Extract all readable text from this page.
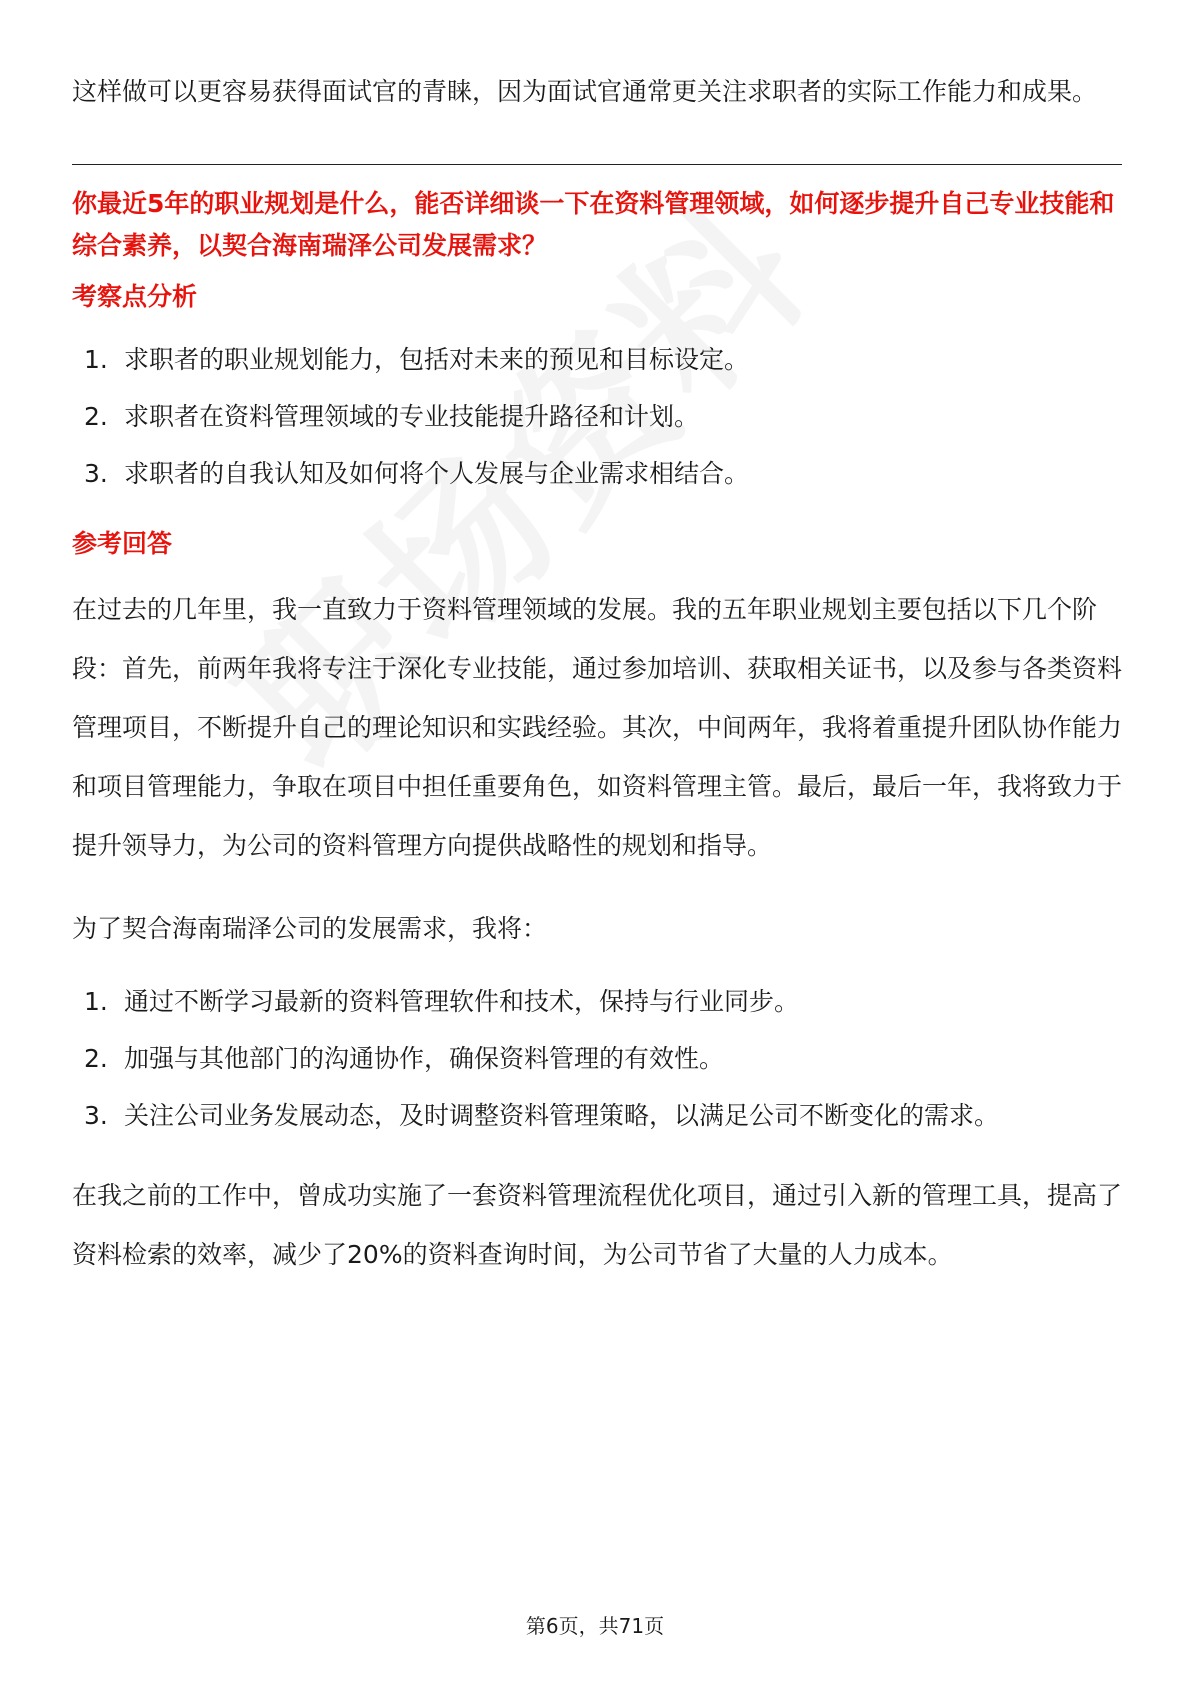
这样做可以更容易获得面试官的青睐，因为面试官通常更关注求职者的实际工作能力和成果。

你最近5年的职业规划是什么，能否详细谈一下在资料管理领域，如何逐步提升自己专业技能和综合素养，以契合海南瑞泽公司发展需求？
考察点分析
1. 求职者的职业规划能力，包括对未来的预见和目标设定。
2. 求职者在资料管理领域的专业技能提升路径和计划。
3. 求职者的自我认知及如何将个人发展与企业需求相结合。
参考回答

在过去的几年里，我一直致力于资料管理领域的发展。我的五年职业规划主要包括以下几个阶段：首先，前两年我将专注于深化专业技能，通过参加培训、获取相关证书，以及参与各类资料管理项目，不断提升自己的理论知识和实践经验。其次，中间两年，我将着重提升团队协作能力和项目管理能力，争取在项目中担任重要角色，如资料管理主管。最后，最后一年，我将致力于提升领导力，为公司的资料管理方向提供战略性的规划和指导。

为了契合海南瑞泽公司的发展需求，我将：

1. 通过不断学习最新的资料管理软件和技术，保持与行业同步。
2. 加强与其他部门的沟通协作，确保资料管理的有效性。
3. 关注公司业务发展动态，及时调整资料管理策略，以满足公司不断变化的需求。

在我之前的工作中，曾成功实施了一套资料管理流程优化项目，通过引入新的管理工具，提高了资料检索的效率，减少了20%的资料查询时间，为公司节省了大量的人力成本。

第6页，共71页
